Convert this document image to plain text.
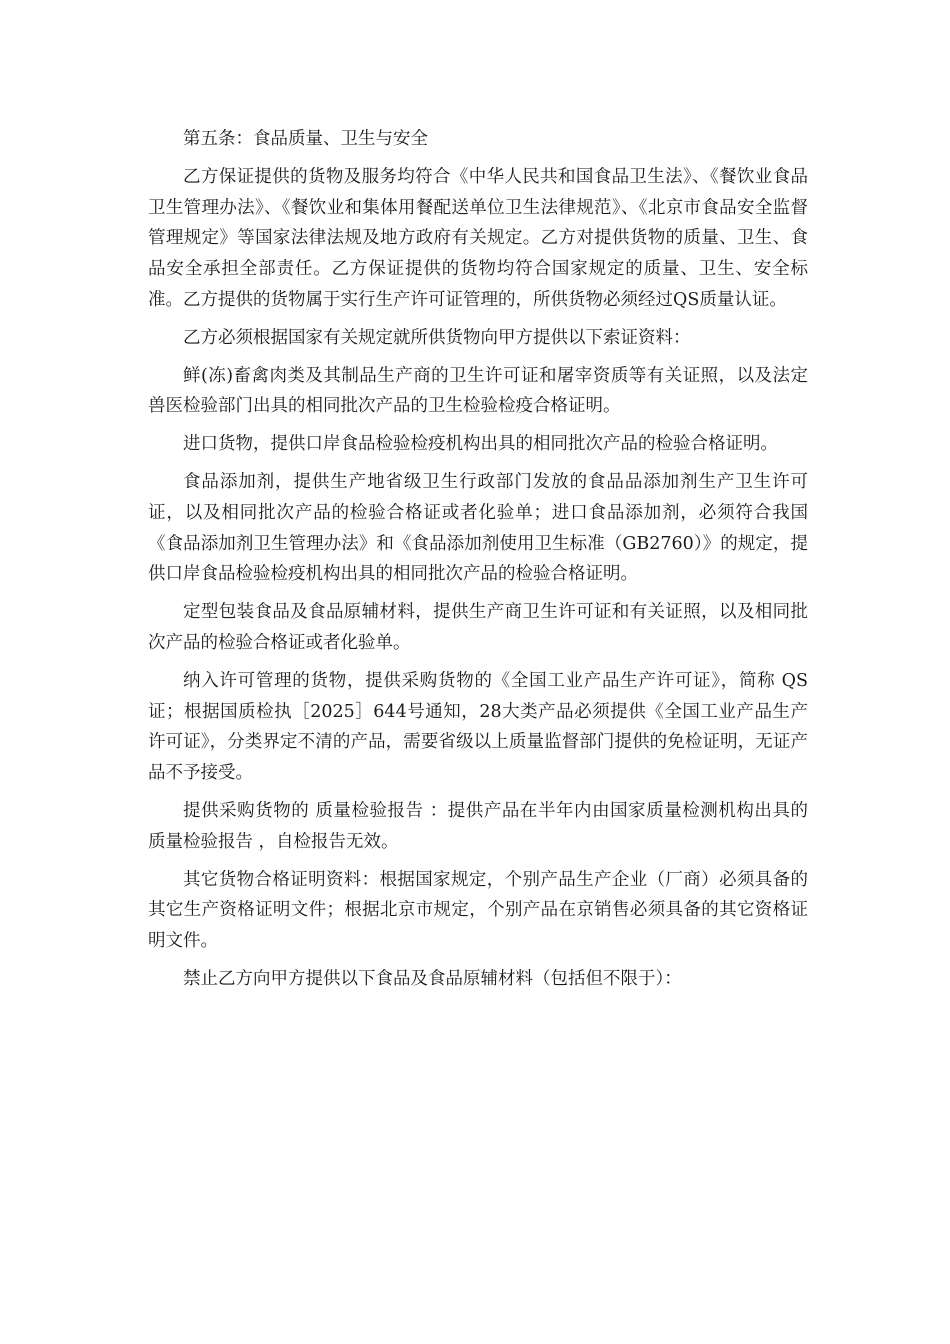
第五条：食品质量、卫生与安全

乙方保证提供的货物及服务均符合《中华人民共和国食品卫生法》、《餐饮业食品卫生管理办法》、《餐饮业和集体用餐配送单位卫生法律规范》、《北京市食品安全监督管理规定》等国家法律法规及地方政府有关规定。乙方对提供货物的质量、卫生、食品安全承担全部责任。乙方保证提供的货物均符合国家规定的质量、卫生、安全标准。乙方提供的货物属于实行生产许可证管理的，所供货物必须经过QS质量认证。

乙方必须根据国家有关规定就所供货物向甲方提供以下索证资料：

鲜(冻)畜禽肉类及其制品生产商的卫生许可证和屠宰资质等有关证照，以及法定兽医检验部门出具的相同批次产品的卫生检验检疫合格证明。

进口货物，提供口岸食品检验检疫机构出具的相同批次产品的检验合格证明。

食品添加剂，提供生产地省级卫生行政部门发放的食品品添加剂生产卫生许可证，以及相同批次产品的检验合格证或者化验单；进口食品添加剂，必须符合我国 《食品添加剂卫生管理办法》和《食品添加剂使用卫生标准（GB2760）》的规定，提供口岸食品检验检疫机构出具的相同批次产品的检验合格证明。

定型包装食品及食品原辅材料，提供生产商卫生许可证和有关证照，以及相同批次产品的检验合格证或者化验单。

纳入许可管理的货物，提供采购货物的《全国工业产品生产许可证》，简称 QS 证；根据国质检执［2025］644号通知，28大类产品必须提供《全国工业产品生产许可证》，分类界定不清的产品，需要省级以上质量监督部门提供的免检证明，无证产品不予接受。

提供采购货物的 质量检验报告 ：提供产品在半年内由国家质量检测机构出具的 质量检验报告 ，自检报告无效。

其它货物合格证明资料：根据国家规定，个别产品生产企业（厂商）必须具备的其它生产资格证明文件；根据北京市规定，个别产品在京销售必须具备的其它资格证明文件。

禁止乙方向甲方提供以下食品及食品原辅材料（包括但不限于）：
